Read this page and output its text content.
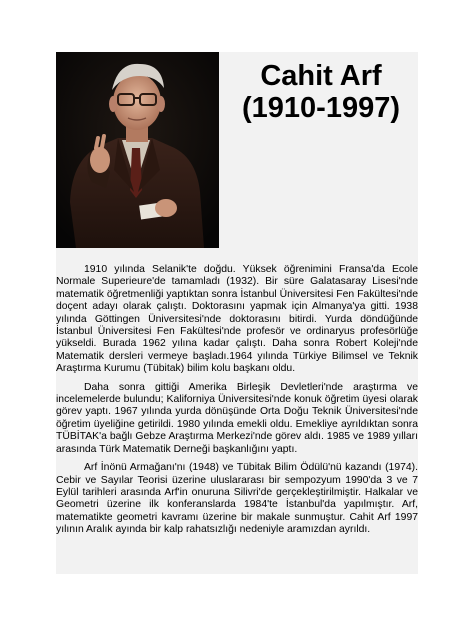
Cahit Arf
(1910-1997)

1910 yılında Selanik'te doğdu. Yüksek öğrenimini Fransa'da Ecole Normale Superieure'de tamamladı (1932). Bir süre Galatasaray Lisesi'nde matematik öğretmenliği yaptıktan sonra İstanbul Üniversitesi Fen Fakültesi'nde doçent adayı olarak çalıştı. Doktorasını yapmak için Almanya'ya gitti. 1938 yılında Göttingen Üniversitesi'nde doktorasını bitirdi. Yurda döndüğünde İstanbul Üniversitesi Fen Fakültesi'nde profesör ve ordinaryus profesörlüğe yükseldi. Burada 1962 yılına kadar çalıştı. Daha sonra Robert Koleji'nde Matematik dersleri vermeye başladı.1964 yılında Türkiye Bilimsel ve Teknik Araştırma Kurumu (Tübitak) bilim kolu başkanı oldu.

Daha sonra gittiği Amerika Birleşik Devletleri'nde araştırma ve incelemelerde bulundu; Kaliforniya Üniversitesi'nde konuk öğretim üyesi olarak görev yaptı. 1967 yılında yurda dönüşünde Orta Doğu Teknik Üniversitesi'nde öğretim üyeliğine getirildi. 1980 yılında emekli oldu. Emekliye ayrıldıktan sonra TÜBİTAK'a bağlı Gebze Araştırma Merkezi'nde görev aldı. 1985 ve 1989 yılları arasında Türk Matematik Derneği başkanlığını yaptı.

Arf İnönü Armağanı'nı (1948) ve Tübitak Bilim Ödülü'nü kazandı (1974). Cebir ve Sayılar Teorisi üzerine uluslararası bir sempozyum 1990'da 3 ve 7 Eylül tarihleri arasında Arf'in onuruna Silivri'de gerçekleştirilmiştir. Halkalar ve Geometri üzerine ilk konferanslarda 1984'te İstanbul'da yapılmıştır. Arf, matematikte geometri kavramı üzerine bir makale sunmuştur. Cahit Arf 1997 yılının Aralık ayında bir kalp rahatsızlığı nedeniyle aramızdan ayrıldı.
